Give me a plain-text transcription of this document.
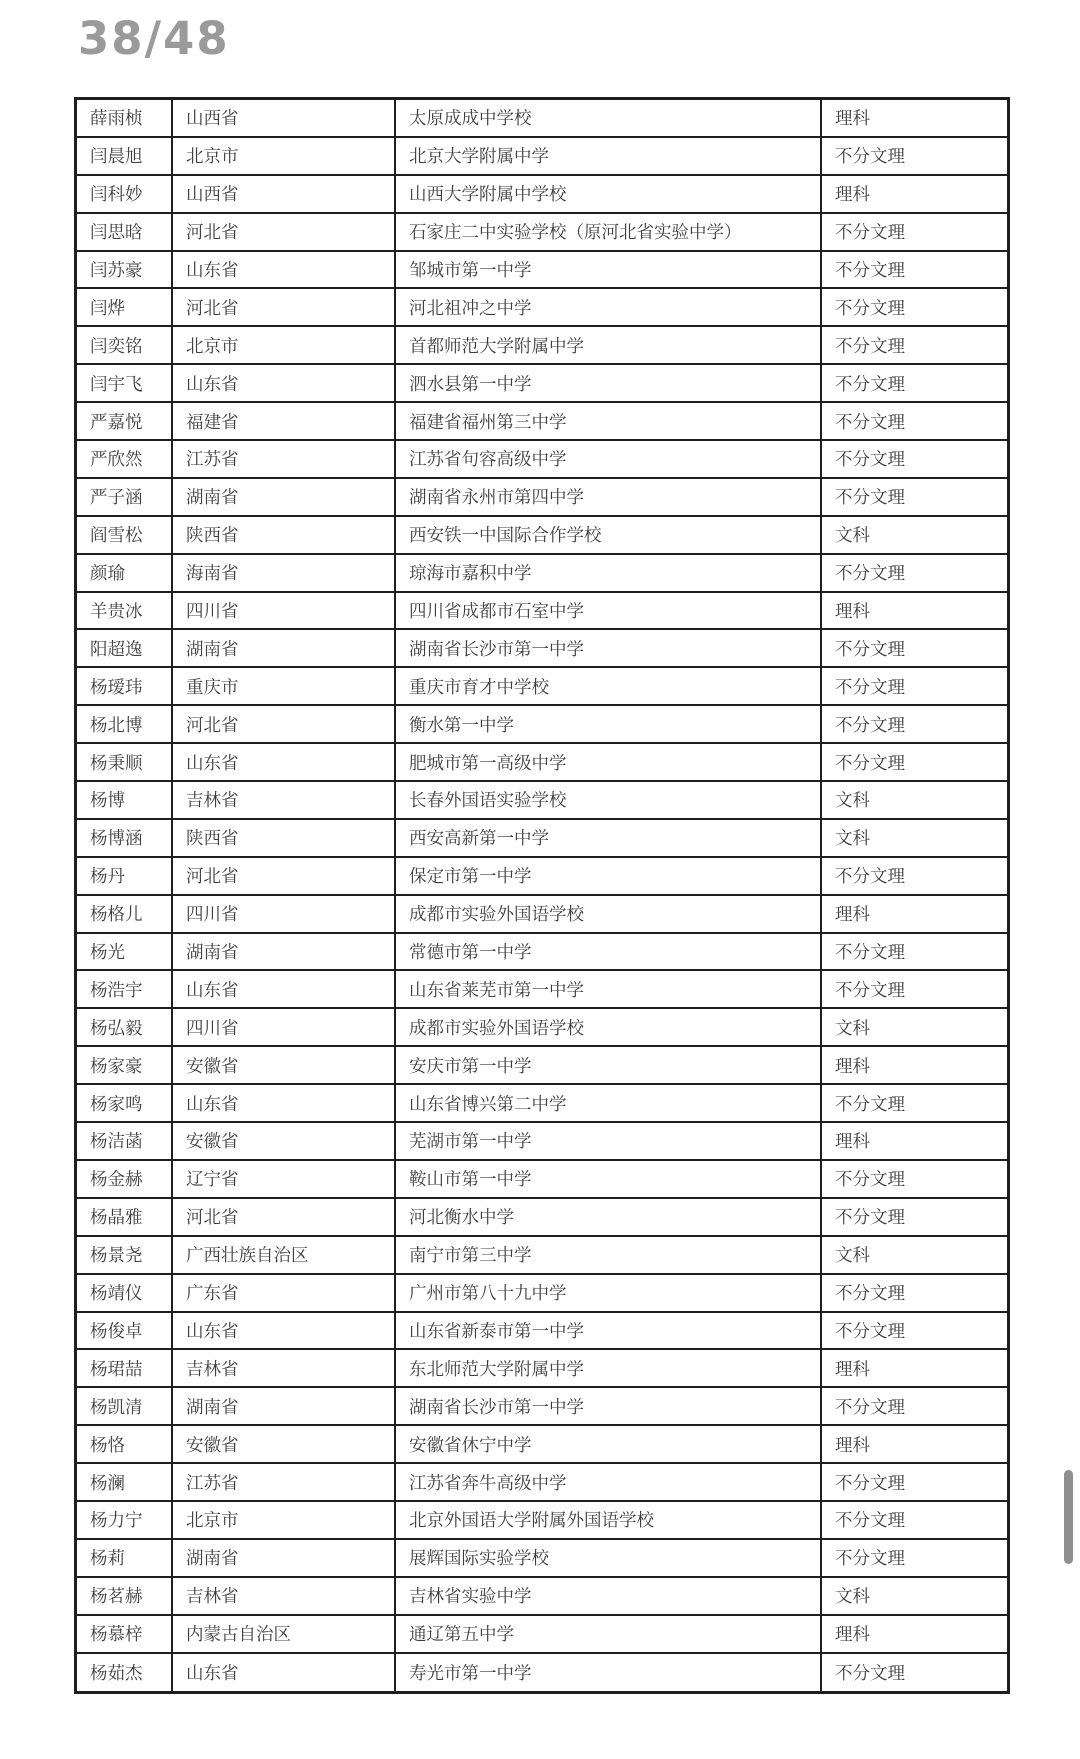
38/48
薛雨桢	山西省	太原成成中学校	理科
闫晨旭	北京市	北京大学附属中学	不分文理
闫科妙	山西省	山西大学附属中学校	理科
闫思晗	河北省	石家庄二中实验学校（原河北省实验中学）	不分文理
闫苏豪	山东省	邹城市第一中学	不分文理
闫烨	河北省	河北祖冲之中学	不分文理
闫奕铭	北京市	首都师范大学附属中学	不分文理
闫宇飞	山东省	泗水县第一中学	不分文理
严嘉悦	福建省	福建省福州第三中学	不分文理
严欣然	江苏省	江苏省句容高级中学	不分文理
严子涵	湖南省	湖南省永州市第四中学	不分文理
阎雪松	陕西省	西安铁一中国际合作学校	文科
颜瑜	海南省	琼海市嘉积中学	不分文理
羊贵冰	四川省	四川省成都市石室中学	理科
阳超逸	湖南省	湖南省长沙市第一中学	不分文理
杨瑷玮	重庆市	重庆市育才中学校	不分文理
杨北博	河北省	衡水第一中学	不分文理
杨秉顺	山东省	肥城市第一高级中学	不分文理
杨博	吉林省	长春外国语实验学校	文科
杨博涵	陕西省	西安高新第一中学	文科
杨丹	河北省	保定市第一中学	不分文理
杨格儿	四川省	成都市实验外国语学校	理科
杨光	湖南省	常德市第一中学	不分文理
杨浩宇	山东省	山东省莱芜市第一中学	不分文理
杨弘毅	四川省	成都市实验外国语学校	文科
杨家豪	安徽省	安庆市第一中学	理科
杨家鸣	山东省	山东省博兴第二中学	不分文理
杨洁菡	安徽省	芜湖市第一中学	理科
杨金赫	辽宁省	鞍山市第一中学	不分文理
杨晶雅	河北省	河北衡水中学	不分文理
杨景尧	广西壮族自治区	南宁市第三中学	文科
杨靖仪	广东省	广州市第八十九中学	不分文理
杨俊卓	山东省	山东省新泰市第一中学	不分文理
杨珺喆	吉林省	东北师范大学附属中学	理科
杨凯清	湖南省	湖南省长沙市第一中学	不分文理
杨恪	安徽省	安徽省休宁中学	理科
杨澜	江苏省	江苏省奔牛高级中学	不分文理
杨力宁	北京市	北京外国语大学附属外国语学校	不分文理
杨莉	湖南省	展辉国际实验学校	不分文理
杨茗赫	吉林省	吉林省实验中学	文科
杨慕梓	内蒙古自治区	通辽第五中学	理科
杨茹杰	山东省	寿光市第一中学	不分文理
